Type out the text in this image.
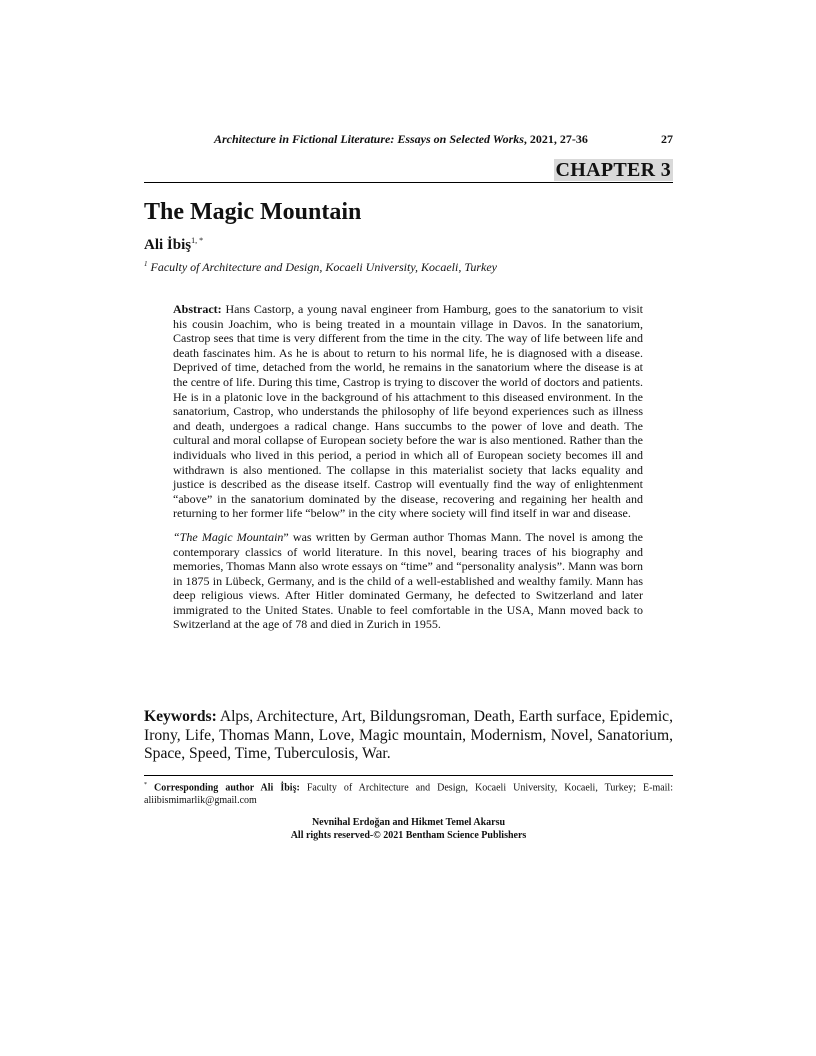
Architecture in Fictional Literature: Essays on Selected Works, 2021, 27-36	27
CHAPTER 3
The Magic Mountain
Ali İbiş$^{1, *}$
$^1$ Faculty of Architecture and Design, Kocaeli University, Kocaeli, Turkey

Abstract: Hans Castorp, a young naval engineer from Hamburg, goes to the sanatorium to visit his cousin Joachim, who is being treated in a mountain village in Davos. In the sanatorium, Castrop sees that time is very different from the time in the city. The way of life between life and death fascinates him. As he is about to return to his normal life, he is diagnosed with a disease. Deprived of time, detached from the world, he remains in the sanatorium where the disease is at the centre of life. During this time, Castrop is trying to discover the world of doctors and patients. He is in a platonic love in the background of his attachment to this diseased environment. In the sanatorium, Castrop, who understands the philosophy of life beyond experiences such as illness and death, undergoes a radical change. Hans succumbs to the power of love and death. The cultural and moral collapse of European society before the war is also mentioned. Rather than the individuals who lived in this period, a period in which all of European society becomes ill and withdrawn is also mentioned. The collapse in this materialist society that lacks equality and justice is described as the disease itself. Castrop will eventually find the way of enlightenment “above” in the sanatorium dominated by the disease, recovering and regaining her health and returning to her former life “below” in the city where society will find itself in war and disease.

“The Magic Mountain” was written by German author Thomas Mann. The novel is among the contemporary classics of world literature. In this novel, bearing traces of his biography and memories, Thomas Mann also wrote essays on “time” and “personality analysis”. Mann was born in 1875 in Lübeck, Germany, and is the child of a well-established and wealthy family. Mann has deep religious views. After Hitler dominated Germany, he defected to Switzerland and later immigrated to the United States. Unable to feel comfortable in the USA, Mann moved back to Switzerland at the age of 78 and died in Zurich in 1955.

Keywords: Alps, Architecture, Art, Bildungsroman, Death, Earth surface, Epidemic, Irony, Life, Thomas Mann, Love, Magic mountain, Modernism, Novel, Sanatorium, Space, Speed, Time, Tuberculosis, War.
* Corresponding author Ali İbiş: Faculty of Architecture and Design, Kocaeli University, Kocaeli, Turkey; E-mail: aliibismimarlik@gmail.com
Nevnihal Erdoğan and Hikmet Temel Akarsu
All rights reserved-© 2021 Bentham Science Publishers
